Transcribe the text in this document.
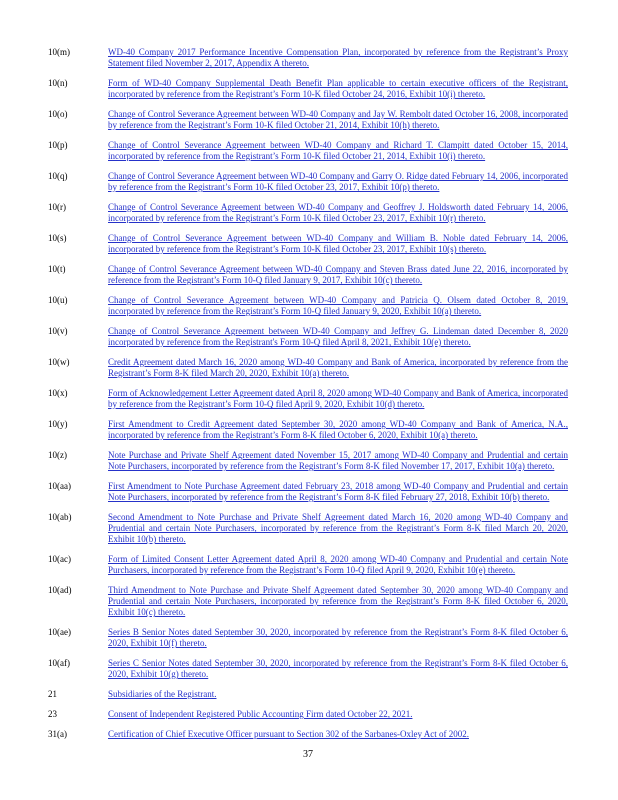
10(m)	WD-40 Company 2017 Performance Incentive Compensation Plan, incorporated by reference from the Registrant’s Proxy Statement filed November 2, 2017, Appendix A thereto.
10(n)	Form of WD-40 Company Supplemental Death Benefit Plan applicable to certain executive officers of the Registrant, incorporated by reference from the Registrant’s Form 10-K filed October 24, 2016, Exhibit 10(i) thereto.
10(o)	Change of Control Severance Agreement between WD-40 Company and Jay W. Rembolt dated October 16, 2008, incorporated by reference from the Registrant’s Form 10-K filed October 21, 2014, Exhibit 10(h) thereto.
10(p)	Change of Control Severance Agreement between WD-40 Company and Richard T. Clampitt dated October 15, 2014, incorporated by reference from the Registrant’s Form 10-K filed October 21, 2014, Exhibit 10(i) thereto.
10(q)	Change of Control Severance Agreement between WD-40 Company and Garry O. Ridge dated February 14, 2006, incorporated by reference from the Registrant’s Form 10-K filed October 23, 2017, Exhibit 10(p) thereto.
10(r)	Change of Control Severance Agreement between WD-40 Company and Geoffrey J. Holdsworth dated February 14, 2006, incorporated by reference from the Registrant’s Form 10-K filed October 23, 2017, Exhibit 10(r) thereto.
10(s)	Change of Control Severance Agreement between WD-40 Company and William B. Noble dated February 14, 2006, incorporated by reference from the Registrant’s Form 10-K filed October 23, 2017, Exhibit 10(s) thereto.
10(t)	Change of Control Severance Agreement between WD-40 Company and Steven Brass dated June 22, 2016, incorporated by reference from the Registrant’s Form 10-Q filed January 9, 2017, Exhibit 10(c) thereto.
10(u)	Change of Control Severance Agreement between WD-40 Company and Patricia Q. Olsem dated October 8, 2019, incorporated by reference from the Registrant’s Form 10-Q filed January 9, 2020, Exhibit 10(a) thereto.
10(v)	Change of Control Severance Agreement between WD-40 Company and Jeffrey G. Lindeman dated December 8, 2020 incorporated by reference from the Registrant's Form 10-Q filed April 8, 2021, Exhibit 10(e) thereto.
10(w)	Credit Agreement dated March 16, 2020 among WD-40 Company and Bank of America, incorporated by reference from the Registrant’s Form 8-K filed March 20, 2020, Exhibit 10(a) thereto.
10(x)	Form of Acknowledgement Letter Agreement dated April 8, 2020 among WD-40 Company and Bank of America, incorporated by reference from the Registrant’s Form 10-Q filed April 9, 2020, Exhibit 10(d) thereto.
10(y)	First Amendment to Credit Agreement dated September 30, 2020 among WD-40 Company and Bank of America, N.A., incorporated by reference from the Registrant’s Form 8-K filed October 6, 2020, Exhibit 10(a) thereto.
10(z)	Note Purchase and Private Shelf Agreement dated November 15, 2017 among WD-40 Company and Prudential and certain Note Purchasers, incorporated by reference from the Registrant’s Form 8-K filed November 17, 2017, Exhibit 10(a) thereto.
10(aa)	First Amendment to Note Purchase Agreement dated February 23, 2018 among WD-40 Company and Prudential and certain Note Purchasers, incorporated by reference from the Registrant’s Form 8-K filed February 27, 2018, Exhibit 10(b) thereto.
10(ab)	Second Amendment to Note Purchase and Private Shelf Agreement dated March 16, 2020 among WD-40 Company and Prudential and certain Note Purchasers, incorporated by reference from the Registrant’s Form 8-K filed March 20, 2020, Exhibit 10(b) thereto.
10(ac)	Form of Limited Consent Letter Agreement dated April 8, 2020 among WD-40 Company and Prudential and certain Note Purchasers, incorporated by reference from the Registrant’s Form 10-Q filed April 9, 2020, Exhibit 10(e) thereto.
10(ad)	Third Amendment to Note Purchase and Private Shelf Agreement dated September 30, 2020 among WD-40 Company and Prudential and certain Note Purchasers, incorporated by reference from the Registrant’s Form 8-K filed October 6, 2020, Exhibit 10(c) thereto.
10(ae)	Series B Senior Notes dated September 30, 2020, incorporated by reference from the Registrant’s Form 8-K filed October 6, 2020, Exhibit 10(f) thereto.
10(af)	Series C Senior Notes dated September 30, 2020, incorporated by reference from the Registrant’s Form 8-K filed October 6, 2020, Exhibit 10(g) thereto.
21	Subsidiaries of the Registrant.
23	Consent of Independent Registered Public Accounting Firm dated October 22, 2021.
31(a)	Certification of Chief Executive Officer pursuant to Section 302 of the Sarbanes-Oxley Act of 2002.
37
